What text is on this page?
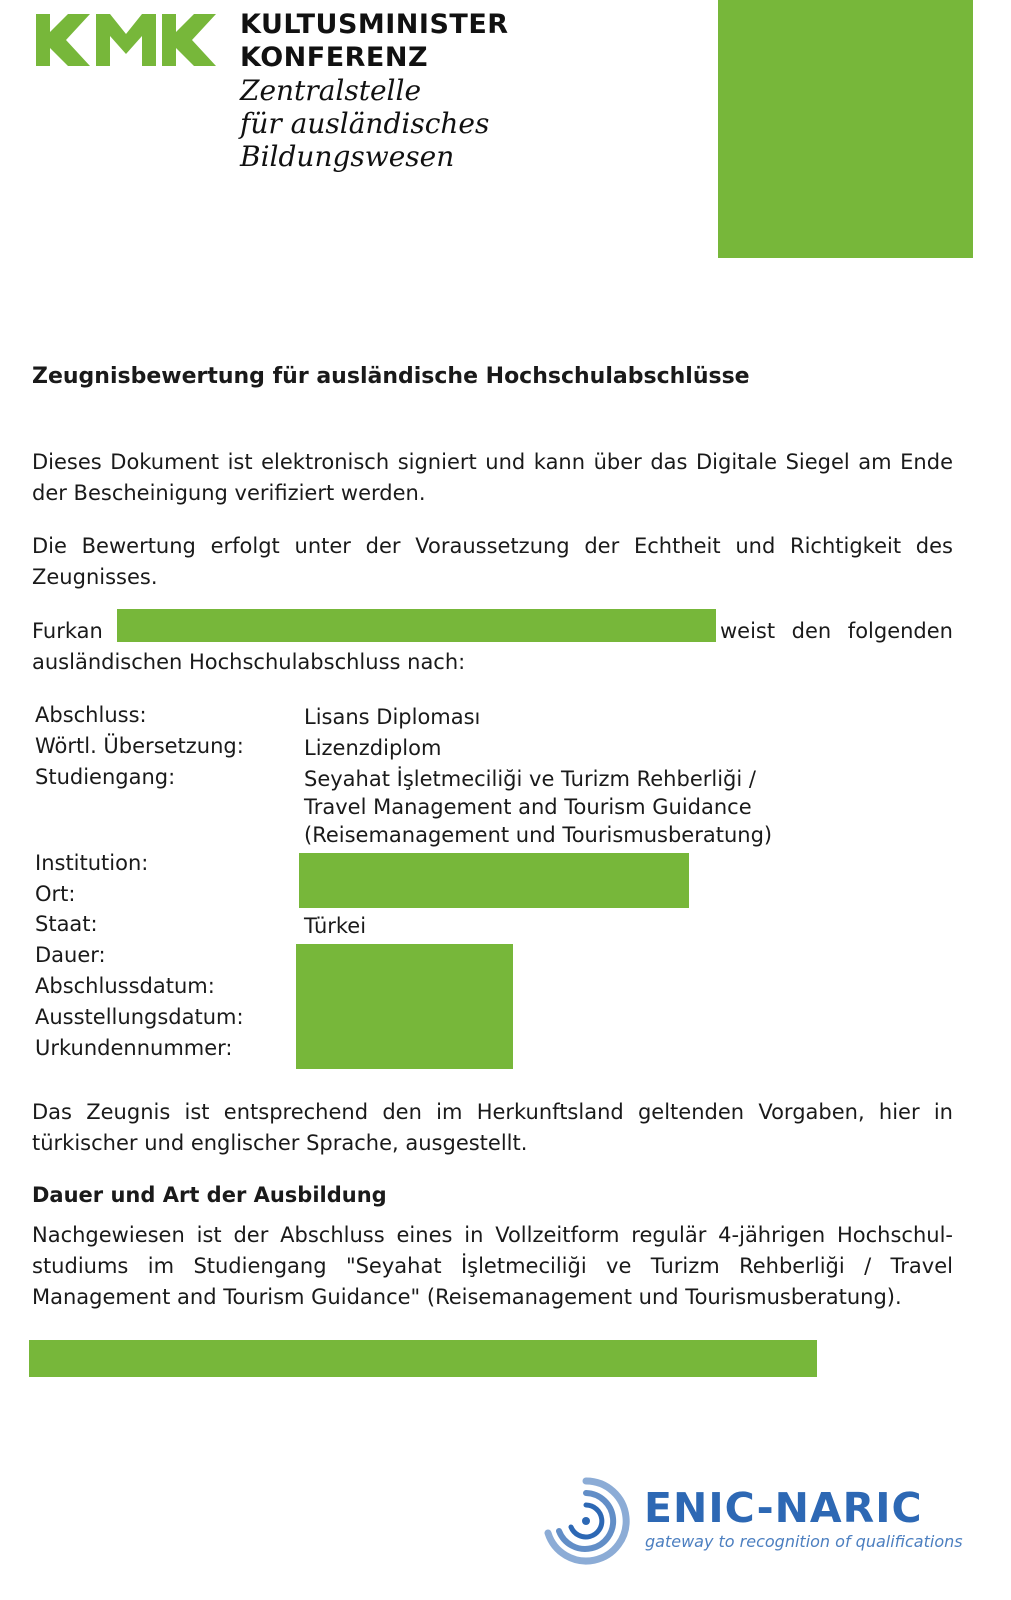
KULTUSMINISTER
KONFERENZ
Zentralstelle
für ausländisches
Bildungswesen
Zeugnisbewertung für ausländische Hochschulabschlüsse

Dieses Dokument ist elektronisch signiert und kann über das Digitale Siegel am Ende der Bescheinigung verifiziert werden.

Die Bewertung erfolgt unter der Voraussetzung der Echtheit und Richtigkeit des Zeugnisses.

Furkan	weist den folgenden ausländischen Hochschulabschluss nach:
Abschluss:	Lisans Diploması
Wörtl. Übersetzung:	Lizenzdiplom
Studiengang:	Seyahat İşletmeciliği ve Turizm Rehberliği /
Travel Management and Tourism Guidance
(Reisemanagement und Tourismusberatung)
Institution:
Ort:
Staat:	Türkei
Dauer:
Abschlussdatum:
Ausstellungsdatum:
Urkundennummer:

Das Zeugnis ist entsprechend den im Herkunftsland geltenden Vorgaben, hier in türkischer und englischer Sprache, ausgestellt.

Dauer und Art der Ausbildung

Nachgewiesen ist der Abschluss eines in Vollzeitform regulär 4-jährigen Hochschul-studiums im Studiengang "Seyahat İşletmeciliği ve Turizm Rehberliği / Travel Management and Tourism Guidance" (Reisemanagement und Tourismusberatung).

ENIC-NARIC
gateway to recognition of qualifications
